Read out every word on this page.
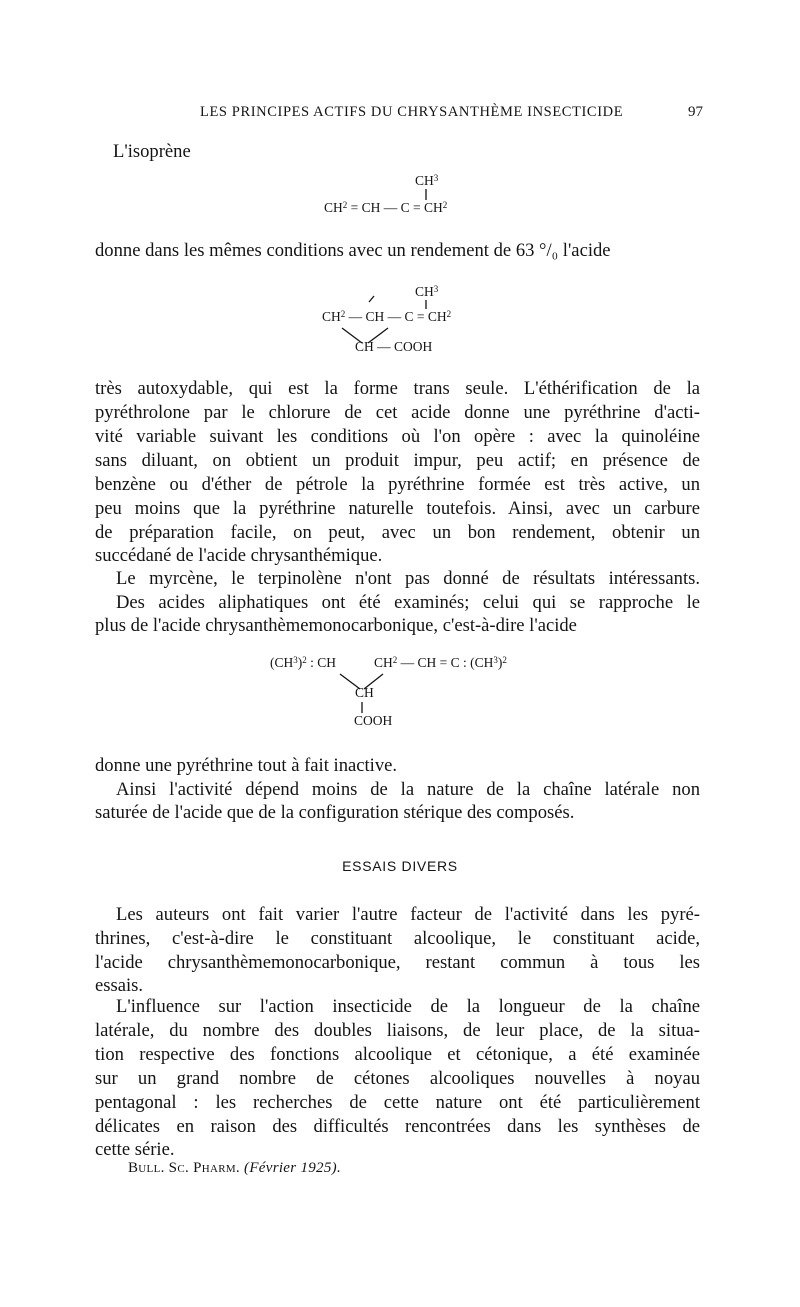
LES PRINCIPES ACTIFS DU CHRYSANTHÈME INSECTICIDE	97
L'isoprène
$CH^3$
$CH^2$ = CH — $C = CH^2$
donne dans les mêmes conditions avec un rendement de 63 °/₀ l'acide
$CH^3$
$CH^2$ — CH — $C = CH^2$
CH — COOH
très autoxydable, qui est la forme trans seule. L'éthérification de la
pyréthrolone par le chlorure de cet acide donne une pyréthrine d'acti-
vité variable suivant les conditions où l'on opère : avec la quinoléine
sans diluant, on obtient un produit impur, peu actif; en présence de
benzène ou d'éther de pétrole la pyréthrine formée est très active, un
peu moins que la pyréthrine naturelle toutefois. Ainsi, avec un carbure
de préparation facile, on peut, avec un bon rendement, obtenir un
succédané de l'acide chrysanthémique.
Le myrcène, le terpinolène n'ont pas donné de résultats intéressants.
Des acides aliphatiques ont été examinés; celui qui se rapproche le
plus de l'acide chrysanthèmemonocarbonique, c'est-à-dire l'acide
$(CH^3)^2$ : CH	$CH^2$ — CH = C : $(CH^3)^2$
CH
COOH
donne une pyréthrine tout à fait inactive.
Ainsi l'activité dépend moins de la nature de la chaîne latérale non
saturée de l'acide que de la configuration stérique des composés.
ESSAIS DIVERS
Les auteurs ont fait varier l'autre facteur de l'activité dans les pyré-
thrines, c'est-à-dire le constituant alcoolique, le constituant acide,
l'acide chrysanthèmemonocarbonique, restant commun à tous les
essais.
L'influence sur l'action insecticide de la longueur de la chaîne
latérale, du nombre des doubles liaisons, de leur place, de la situa-
tion respective des fonctions alcoolique et cétonique, a été examinée
sur un grand nombre de cétones alcooliques nouvelles à noyau
pentagonal : les recherches de cette nature ont été particulièrement
délicates en raison des difficultés rencontrées dans les synthèses de
cette série.
Bull. Sc. Pharm. (Février 1925).
